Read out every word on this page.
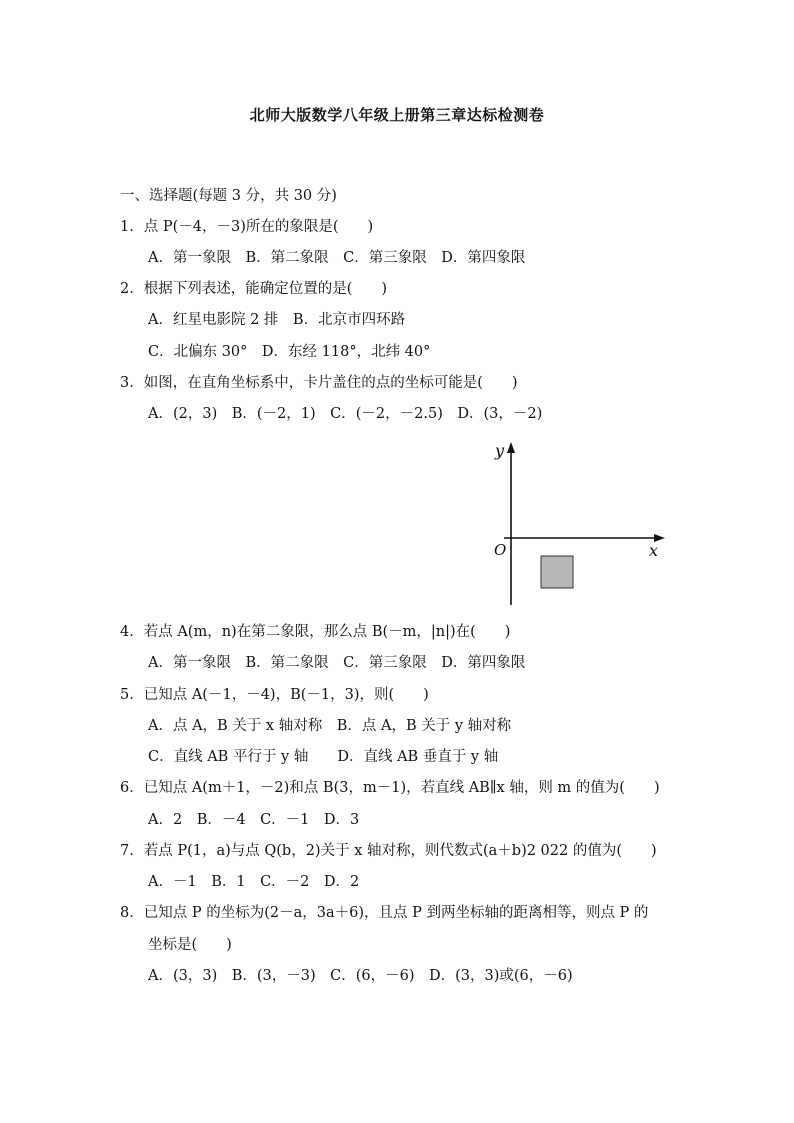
北师大版数学八年级上册第三章达标检测卷
一、选择题(每题 3 分，共 30 分)
1．点 P(－4，－3)所在的象限是(　　)
A．第一象限　B．第二象限　C．第三象限　D．第四象限
2．根据下列表述，能确定位置的是(　　)
A．红星电影院 2 排　B．北京市四环路
C．北偏东 30°　D．东经 118°，北纬 40°
3．如图，在直角坐标系中，卡片盖住的点的坐标可能是(　　)
A．(2，3)　B．(－2，1)　C．(－2，－2.5)　D．(3，－2)
y
x
O
4．若点 A(m，n)在第二象限，那么点 B(－m，|n|)在(　　)
A．第一象限　B．第二象限　C．第三象限　D．第四象限
5．已知点 A(－1，－4)，B(－1，3)，则(　　)
A．点 A，B 关于 x 轴对称　B．点 A，B 关于 y 轴对称
C．直线 AB 平行于 y 轴　　D．直线 AB 垂直于 y 轴
6．已知点 A(m＋1，－2)和点 B(3，m－1)，若直线 AB∥x 轴，则 m 的值为(　　)
A．2　B．－4　C．－1　D．3
7．若点 P(1，a)与点 Q(b，2)关于 x 轴对称，则代数式(a＋b)2 022 的值为(　　)
A．－1　B．1　C．－2　D．2
8．已知点 P 的坐标为(2－a，3a＋6)，且点 P 到两坐标轴的距离相等，则点 P 的
坐标是(　　)
A．(3，3)　B．(3，－3)　C．(6，－6)　D．(3，3)或(6，－6)
